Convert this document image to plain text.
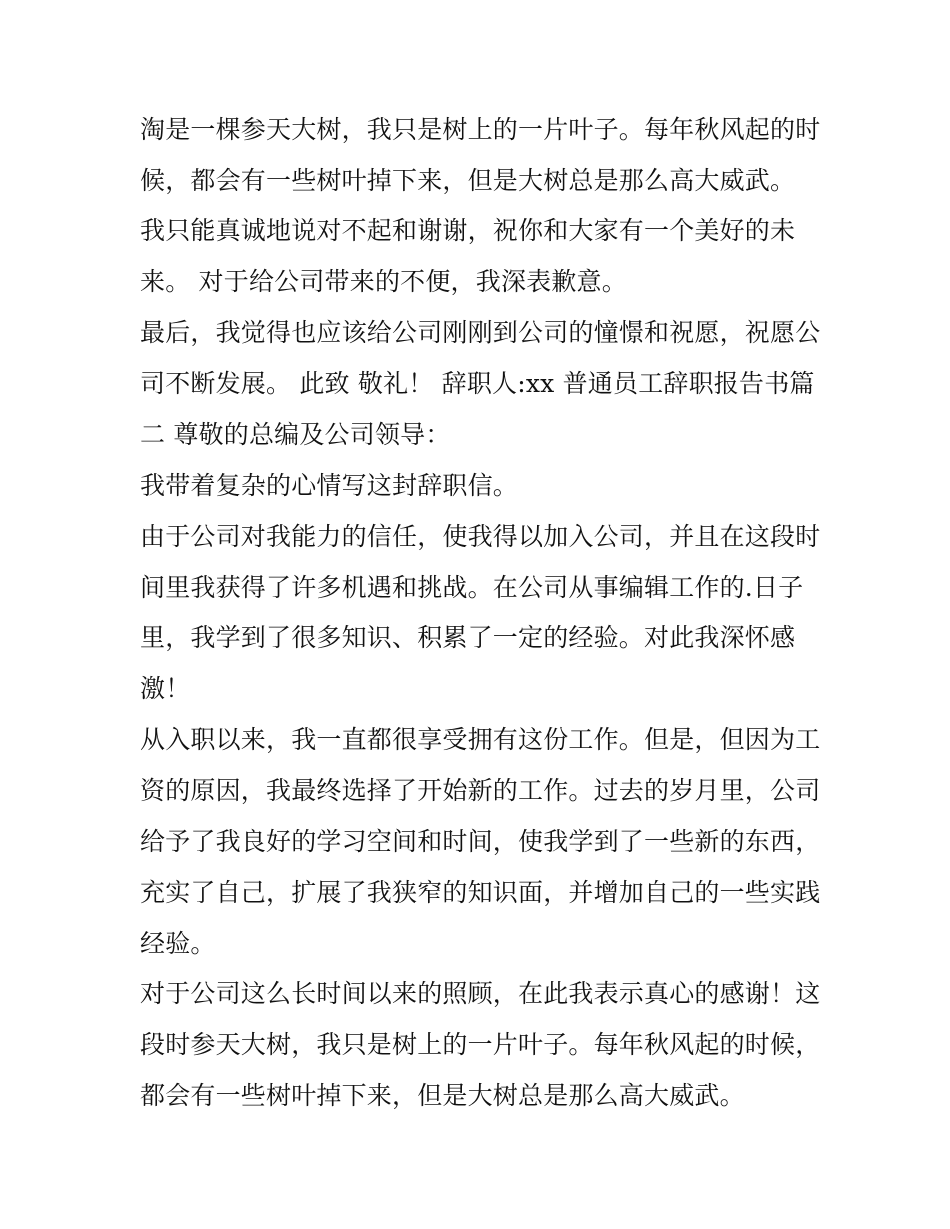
淘是一棵参天大树，我只是树上的一片叶子。每年秋风起的时
候，都会有一些树叶掉下来，但是大树总是那么高大威武。
我只能真诚地说对不起和谢谢，祝你和大家有一个美好的未
来。 对于给公司带来的不便，我深表歉意。
最后，我觉得也应该给公司刚刚到公司的憧憬和祝愿，祝愿公
司不断发展。 此致 敬礼！ 辞职人:xx 普通员工辞职报告书篇
二 尊敬的总编及公司领导：
我带着复杂的心情写这封辞职信。
由于公司对我能力的信任，使我得以加入公司，并且在这段时
间里我获得了许多机遇和挑战。在公司从事编辑工作的.日子
里，我学到了很多知识、积累了一定的经验。对此我深怀感
激！
从入职以来，我一直都很享受拥有这份工作。但是，但因为工
资的原因，我最终选择了开始新的工作。过去的岁月里，公司
给予了我良好的学习空间和时间，使我学到了一些新的东西，
充实了自己，扩展了我狭窄的知识面，并增加自己的一些实践
经验。
对于公司这么长时间以来的照顾，在此我表示真心的感谢！这
段时参天大树，我只是树上的一片叶子。每年秋风起的时候，
都会有一些树叶掉下来，但是大树总是那么高大威武。
